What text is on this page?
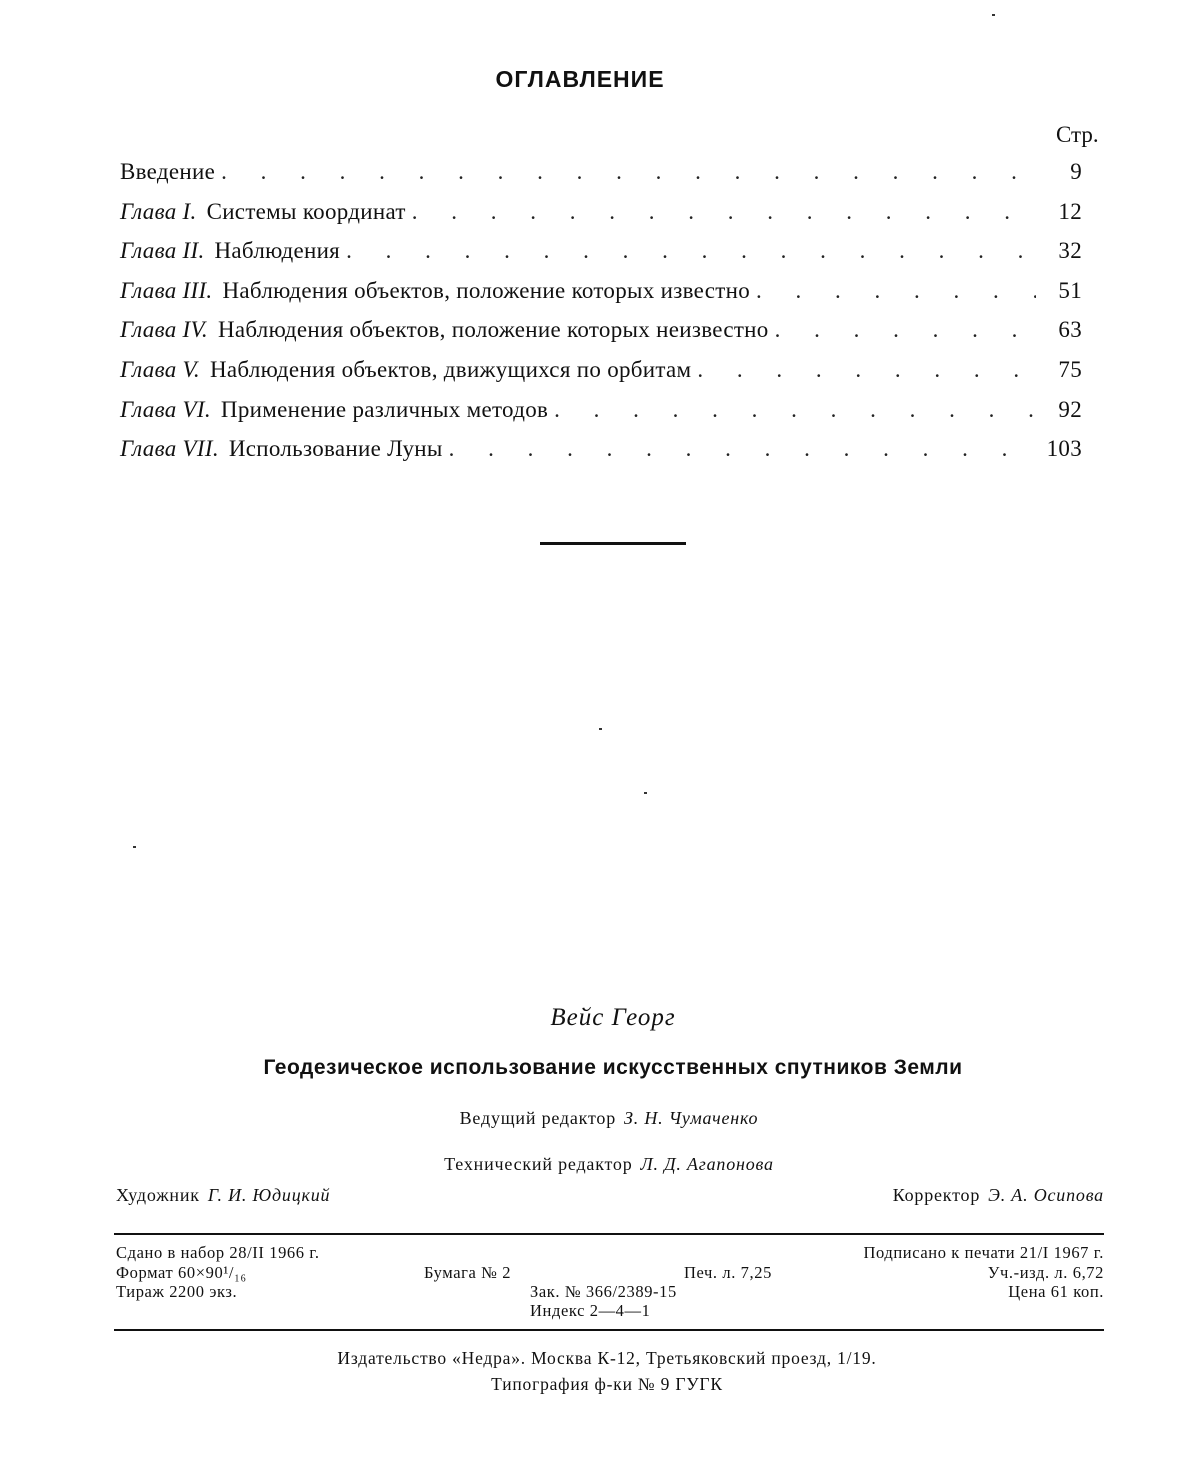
ОГЛАВЛЕНИЕ
Стр.
Введение . . .	9
Глава I. Системы координат . . .	12
Глава II. Наблюдения . . .	32
Глава III. Наблюдения объектов, положение которых известно . . .	51
Глава IV. Наблюдения объектов, положение которых неизвестно . . .	63
Глава V. Наблюдения объектов, движущихся по орбитам . . .	75
Глава VI. Применение различных методов . . .	92
Глава VII. Использование Луны . . .	103
Вейс Георг
Геодезическое использование искусственных спутников Земли
Ведущий редактор З. Н. Чумаченко
Технический редактор Л. Д. Агапонова
Художник Г. И. Юдицкий	Корректор Э. А. Осипова
Сдано в набор 28/II 1966 г.	Подписано к печати 21/I 1967 г.
Формат 60×90¹/₁₆	Бумага № 2	Печ. л. 7,25	Уч.-изд. л. 6,72
Тираж 2200 экз.	Зак. № 366/2389-15	Цена 61 коп.
Индекс 2—4—1
Издательство «Недра». Москва К-12, Третьяковский проезд, 1/19.
Типография ф-ки № 9 ГУГК
